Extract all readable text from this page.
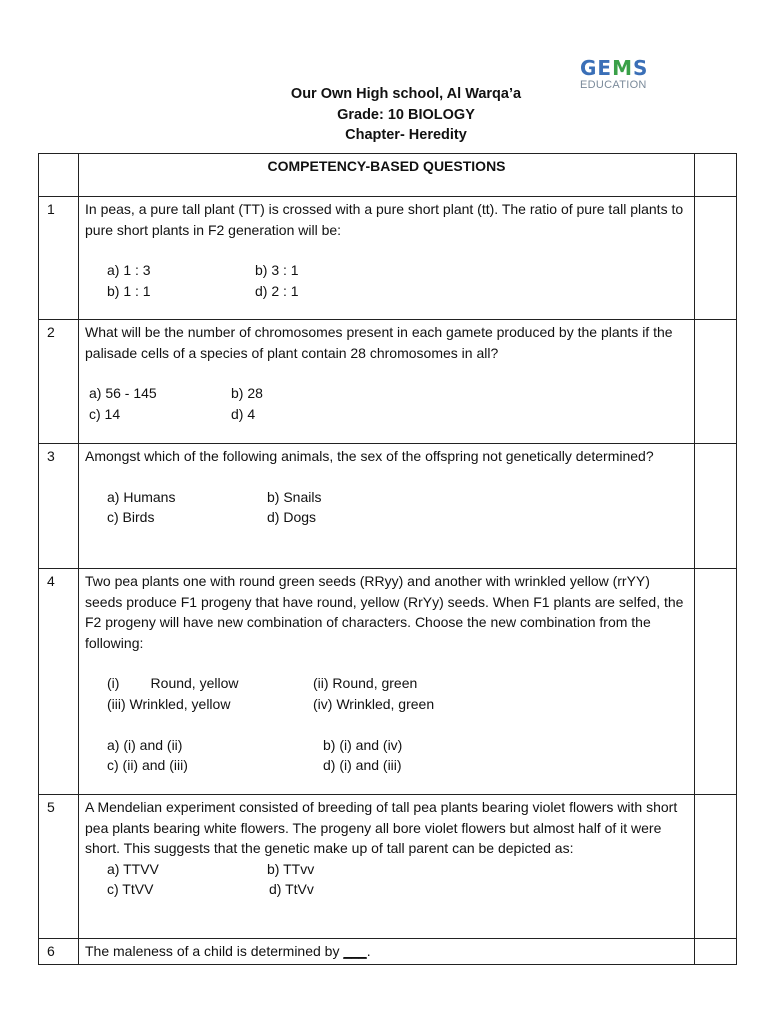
GEMS
EDUCATION
Our Own High school, Al Warqa’a
Grade: 10 BIOLOGY
Chapter- Heredity
	COMPETENCY-BASED QUESTIONS	
1	In peas, a pure tall plant (TT) is crossed with a pure short plant (tt). The ratio of pure tall plants to pure short plants in F2 generation will be:
a) 1 : 3 b) 3 : 1
b) 1 : 1 d) 2 : 1	

2	What will be the number of chromosomes present in each gamete produced by the plants if the palisade cells of a species of plant contain 28 chromosomes in all?
a) 56 - 145 b) 28
c) 14 d) 4	

3	Amongst which of the following animals, the sex of the offspring not genetically determined?
a) Humans b) Snails
c) Birds d) Dogs	

4	Two pea plants one with round green seeds (RRyy) and another with wrinkled yellow (rrYY) seeds produce F1 progeny that have round, yellow (RrYy) seeds. When F1 plants are selfed, the F2 progeny will have new combination of characters. Choose the new combination from the following:
(i)        Round, yellow (ii) Round, green
(iii) Wrinkled, yellow (iv) Wrinkled, green
a) (i) and (ii) b) (i) and (iv)
c) (ii) and (iii) d) (i) and (iii)	

5	A Mendelian experiment consisted of breeding of tall pea plants bearing violet flowers with short pea plants bearing white flowers. The progeny all bore violet flowers but almost half of it were short. This suggests that the genetic make up of tall parent can be depicted as:
a) TTVV b) TTvv
c) TtVV d) TtVv	

6	The maleness of a child is determined by ___.	
